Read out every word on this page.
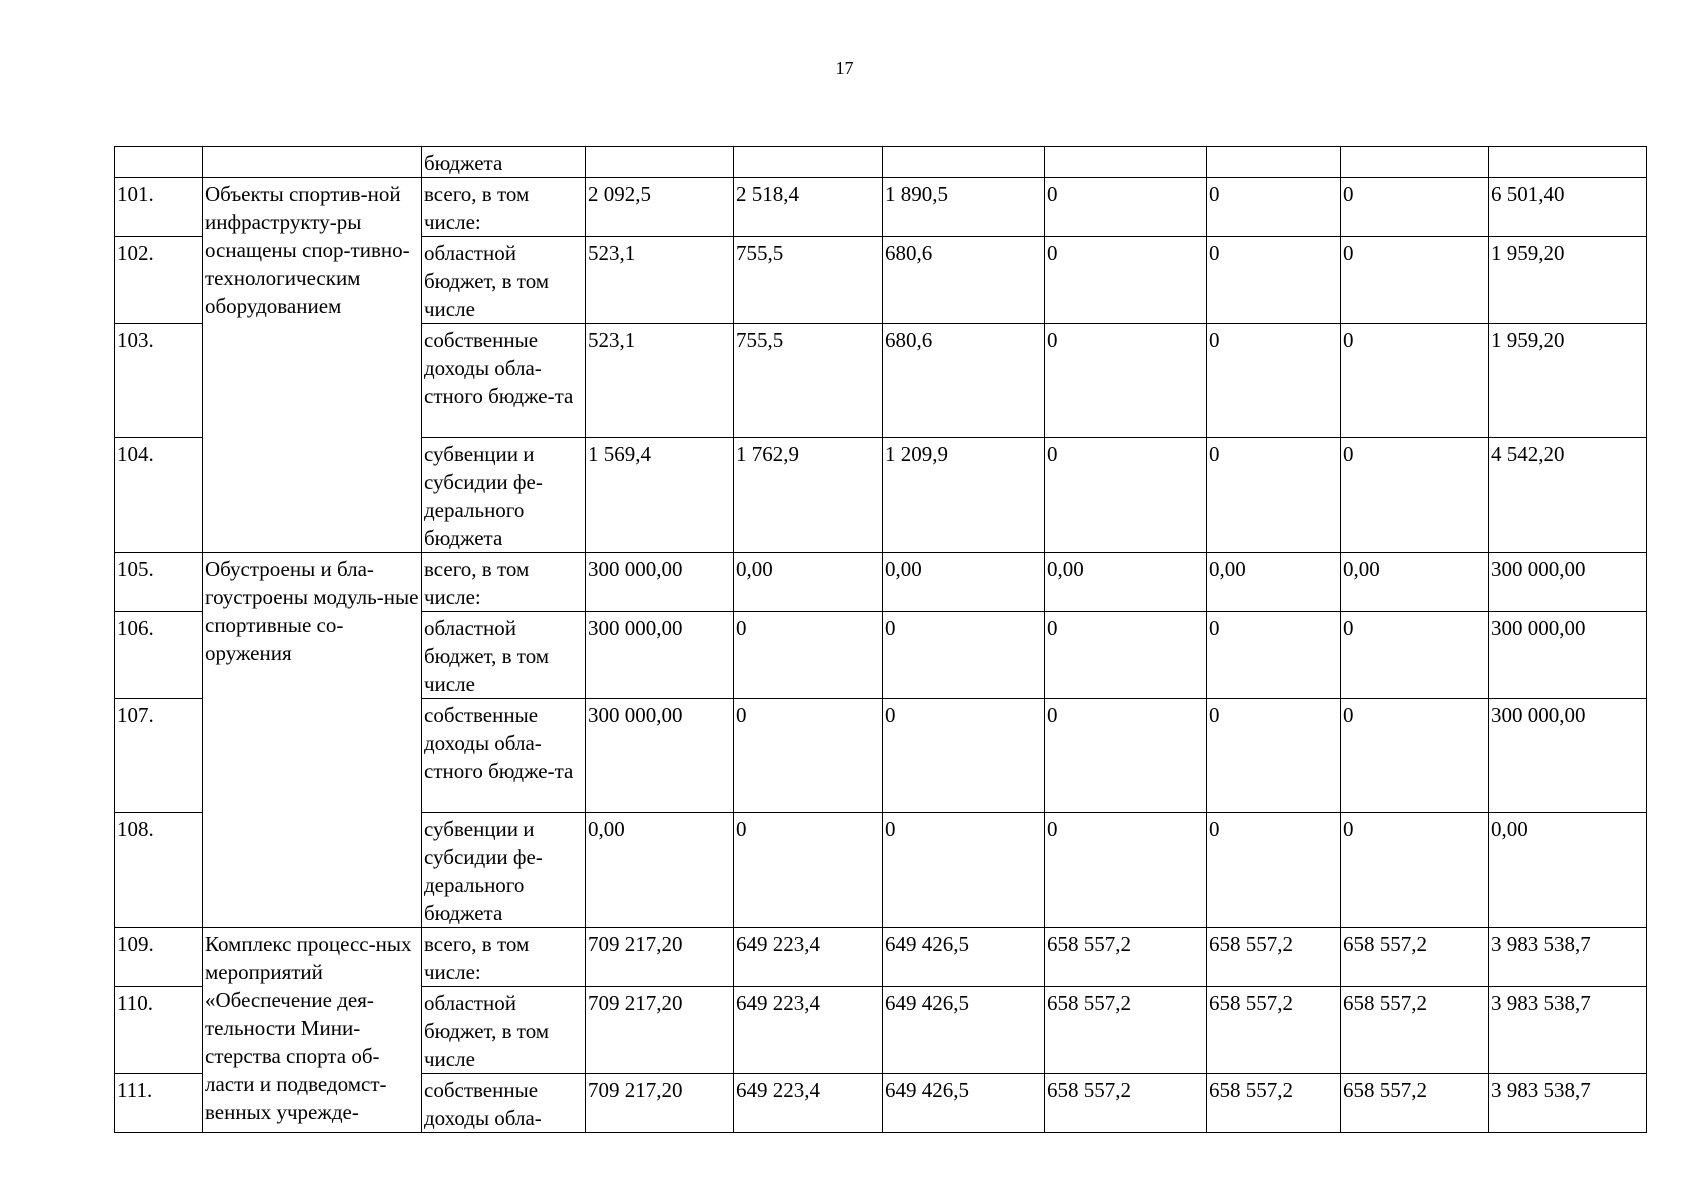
17
		бюджета							
101.	Объекты спортив-ной инфраструкту-ры оснащены спор-тивно-технологическим оборудованием	всего, в том числе:	2 092,5	2 518,4	1 890,5	0	0	0	6 501,40
102.		областной бюджет, в том числе	523,1	755,5	680,6	0	0	0	1 959,20
103.		собственные доходы обла-стного бюдже-та	523,1	755,5	680,6	0	0	0	1 959,20
104.		субвенции и субсидии фе-дерального бюджета	1 569,4	1 762,9	1 209,9	0	0	0	4 542,20
105.	Обустроены и бла-гоустроены модуль-ные спортивные со-оружения	всего, в том числе:	300 000,00	0,00	0,00	0,00	0,00	0,00	300 000,00
106.		областной бюджет, в том числе	300 000,00	0	0	0	0	0	300 000,00
107.		собственные доходы обла-стного бюдже-та	300 000,00	0	0	0	0	0	300 000,00
108.		субвенции и субсидии фе-дерального бюджета	0,00	0	0	0	0	0	0,00
109.	Комплекс процесс-ных мероприятий «Обеспечение дея-тельности Мини-стерства спорта об-ласти и подведомст-венных учрежде-	всего, в том числе:	709 217,20	649 223,4	649 426,5	658 557,2	658 557,2	658 557,2	3 983 538,7
110.		областной бюджет, в том числе	709 217,20	649 223,4	649 426,5	658 557,2	658 557,2	658 557,2	3 983 538,7
111.		собственные доходы обла-	709 217,20	649 223,4	649 426,5	658 557,2	658 557,2	658 557,2	3 983 538,7
